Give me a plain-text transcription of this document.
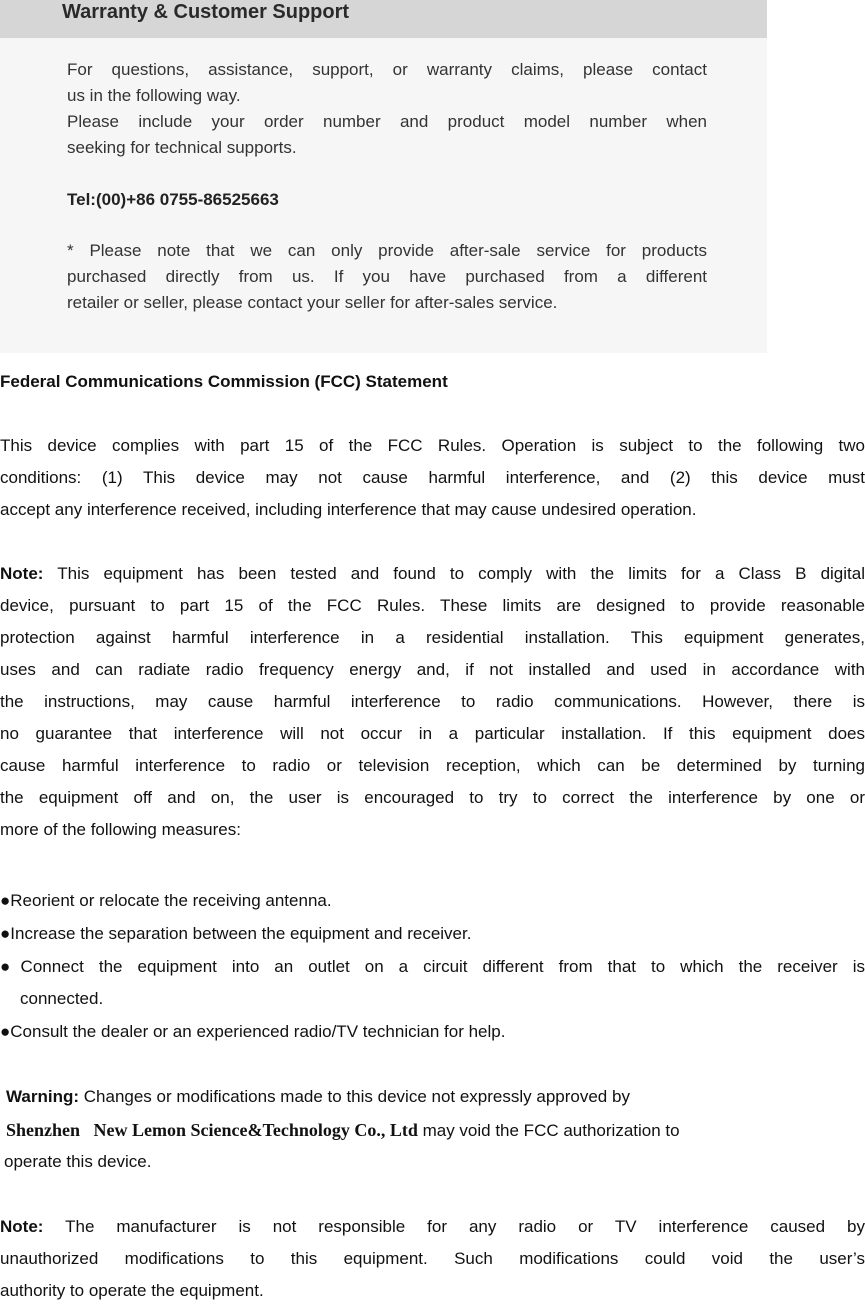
Warranty & Customer Support
For questions, assistance, support, or warranty claims, please contact
us in the following way.
Please include your order number and product model number when
seeking for technical supports.
Tel:(00)+86 0755-86525663
* Please note that we can only provide after-sale service for products
purchased directly from us. If you have purchased from a different
retailer or seller, please contact your seller for after-sales service.
Federal Communications Commission (FCC) Statement
This device complies with part 15 of the FCC Rules. Operation is subject to the following two
conditions: (1) This device may not cause harmful interference, and (2) this device must
accept any interference received, including interference that may cause undesired operation.
Note: This equipment has been tested and found to comply with the limits for a Class B digital
device, pursuant to part 15 of the FCC Rules. These limits are designed to provide reasonable
protection against harmful interference in a residential installation. This equipment generates,
uses and can radiate radio frequency energy and, if not installed and used in accordance with
the instructions, may cause harmful interference to radio communications. However, there is
no guarantee that interference will not occur in a particular installation. If this equipment does
cause harmful interference to radio or television reception, which can be determined by turning
the equipment off and on, the user is encouraged to try to correct the interference by one or
more of the following measures:
●Reorient or relocate the receiving antenna.
●Increase the separation between the equipment and receiver.
●Connect the equipment into an outlet on a circuit different from that to which the receiver is
connected.
●Consult the dealer or an experienced radio/TV technician for help.
Warning: Changes or modifications made to this device not expressly approved by
Shenzhen   New Lemon Science&Technology Co., Ltd may void the FCC authorization to
operate this device.
Note: The manufacturer is not responsible for any radio or TV interference caused by
unauthorized modifications to this equipment. Such modifications could void the user’s
authority to operate the equipment.
